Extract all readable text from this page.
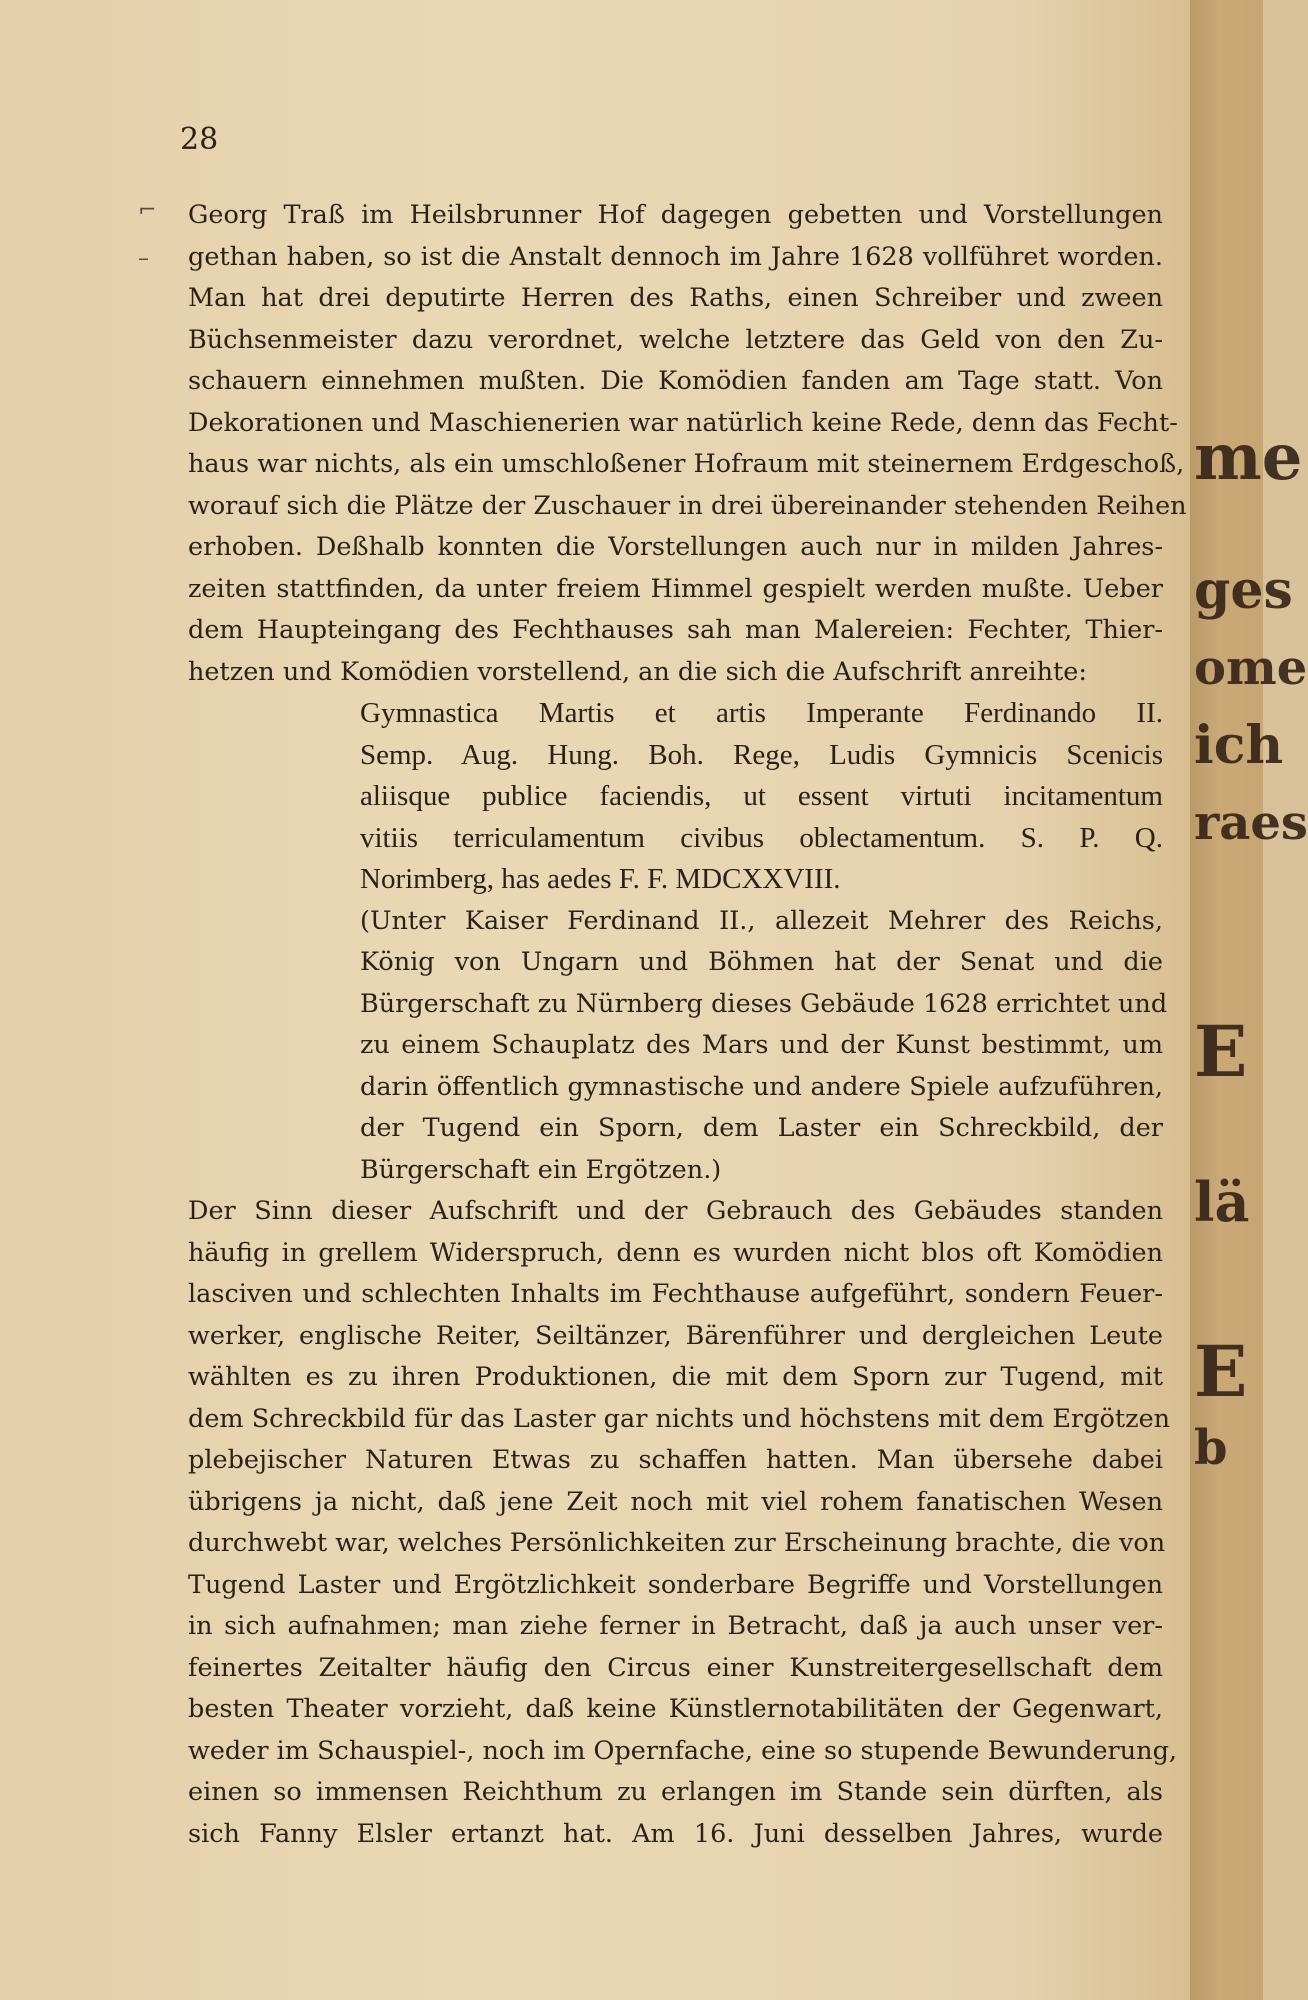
28
⌐
–
Georg Traß im Heilsbrunner Hof dagegen gebetten und Vorstellungen
gethan haben, so ist die Anstalt dennoch im Jahre 1628 vollführet worden.
Man hat drei deputirte Herren des Raths, einen Schreiber und zween
Büchsenmeister dazu verordnet, welche letztere das Geld von den Zu-
schauern einnehmen mußten. Die Komödien fanden am Tage statt. Von
Dekorationen und Maschienerien war natürlich keine Rede, denn das Fecht-
haus war nichts, als ein umschloßener Hofraum mit steinernem Erdgeschoß,
worauf sich die Plätze der Zuschauer in drei übereinander stehenden Reihen
erhoben. Deßhalb konnten die Vorstellungen auch nur in milden Jahres-
zeiten stattfinden, da unter freiem Himmel gespielt werden mußte. Ueber
dem Haupteingang des Fechthauses sah man Malereien: Fechter, Thier-
hetzen und Komödien vorstellend, an die sich die Aufschrift anreihte:
Gymnastica Martis et artis Imperante Ferdinando II.
Semp. Aug. Hung. Boh. Rege, Ludis Gymnicis Scenicis
aliisque publice faciendis, ut essent virtuti incitamentum
vitiis terriculamentum civibus oblectamentum. S. P. Q.
Norimberg, has aedes F. F. MDCXXVIII.
(Unter Kaiser Ferdinand II., allezeit Mehrer des Reichs,
König von Ungarn und Böhmen hat der Senat und die
Bürgerschaft zu Nürnberg dieses Gebäude 1628 errichtet und
zu einem Schauplatz des Mars und der Kunst bestimmt, um
darin öffentlich gymnastische und andere Spiele aufzuführen,
der Tugend ein Sporn, dem Laster ein Schreckbild, der
Bürgerschaft ein Ergötzen.)
Der Sinn dieser Aufschrift und der Gebrauch des Gebäudes standen
häufig in grellem Widerspruch, denn es wurden nicht blos oft Komödien
lasciven und schlechten Inhalts im Fechthause aufgeführt, sondern Feuer-
werker, englische Reiter, Seiltänzer, Bärenführer und dergleichen Leute
wählten es zu ihren Produktionen, die mit dem Sporn zur Tugend, mit
dem Schreckbild für das Laster gar nichts und höchstens mit dem Ergötzen
plebejischer Naturen Etwas zu schaffen hatten. Man übersehe dabei
übrigens ja nicht, daß jene Zeit noch mit viel rohem fanatischen Wesen
durchwebt war, welches Persönlichkeiten zur Erscheinung brachte, die von
Tugend Laster und Ergötzlichkeit sonderbare Begriffe und Vorstellungen
in sich aufnahmen; man ziehe ferner in Betracht, daß ja auch unser ver-
feinertes Zeitalter häufig den Circus einer Kunstreitergesellschaft dem
besten Theater vorzieht, daß keine Künstlernotabilitäten der Gegenwart,
weder im Schauspiel-, noch im Opernfache, eine so stupende Bewunderung,
einen so immensen Reichthum zu erlangen im Stande sein dürften, als
sich Fanny Elsler ertanzt hat. Am 16. Juni desselben Jahres, wurde
me
ges
ome
ich
raes
E
lä
E
b
